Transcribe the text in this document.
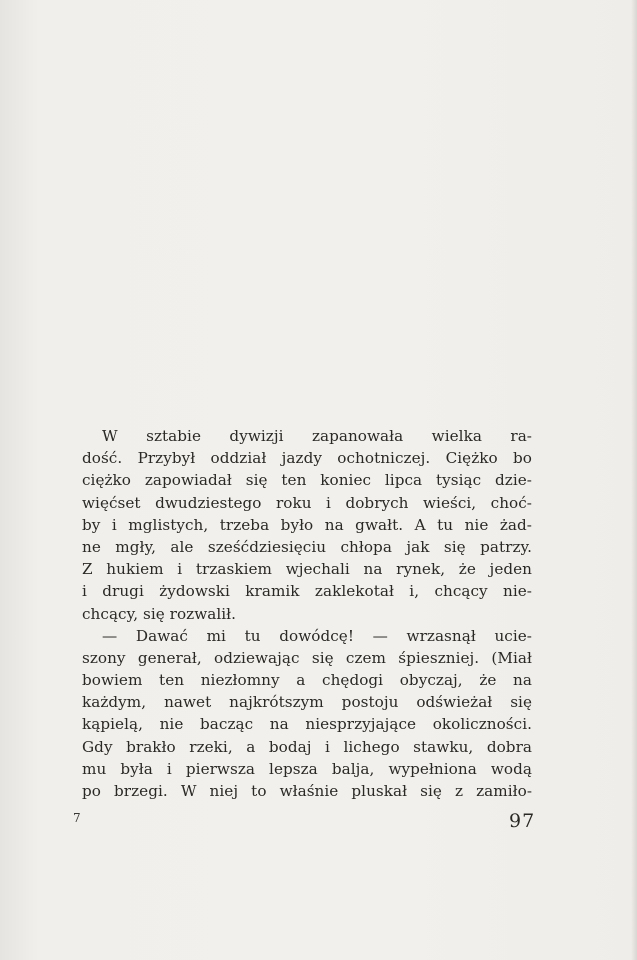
W sztabie dywizji zapanowała wielka ra-
dość. Przybył oddział jazdy ochotniczej. Ciężko bo
ciężko zapowiadał się ten koniec lipca tysiąc dzie-
więćset dwudziestego roku i dobrych wieści, choć-
by i mglistych, trzeba było na gwałt. A tu nie żad-
ne mgły, ale sześćdziesięciu chłopa jak się patrzy.
Z hukiem i trzaskiem wjechali na rynek, że jeden
i drugi żydowski kramik zaklekotał i, chcący nie-
chcący, się rozwalił.
— Dawać mi tu dowódcę! — wrzasnął ucie-
szony generał, odziewając się czem śpieszniej. (Miał
bowiem ten niezłomny a chędogi obyczaj, że na
każdym, nawet najkrótszym postoju odświeżał się
kąpielą, nie bacząc na niesprzyjające okoliczności.
Gdy brakło rzeki, a bodaj i lichego stawku, dobra
mu była i pierwsza lepsza balja, wypełniona wodą
po brzegi. W niej to właśnie pluskał się z zamiło-
7	97
